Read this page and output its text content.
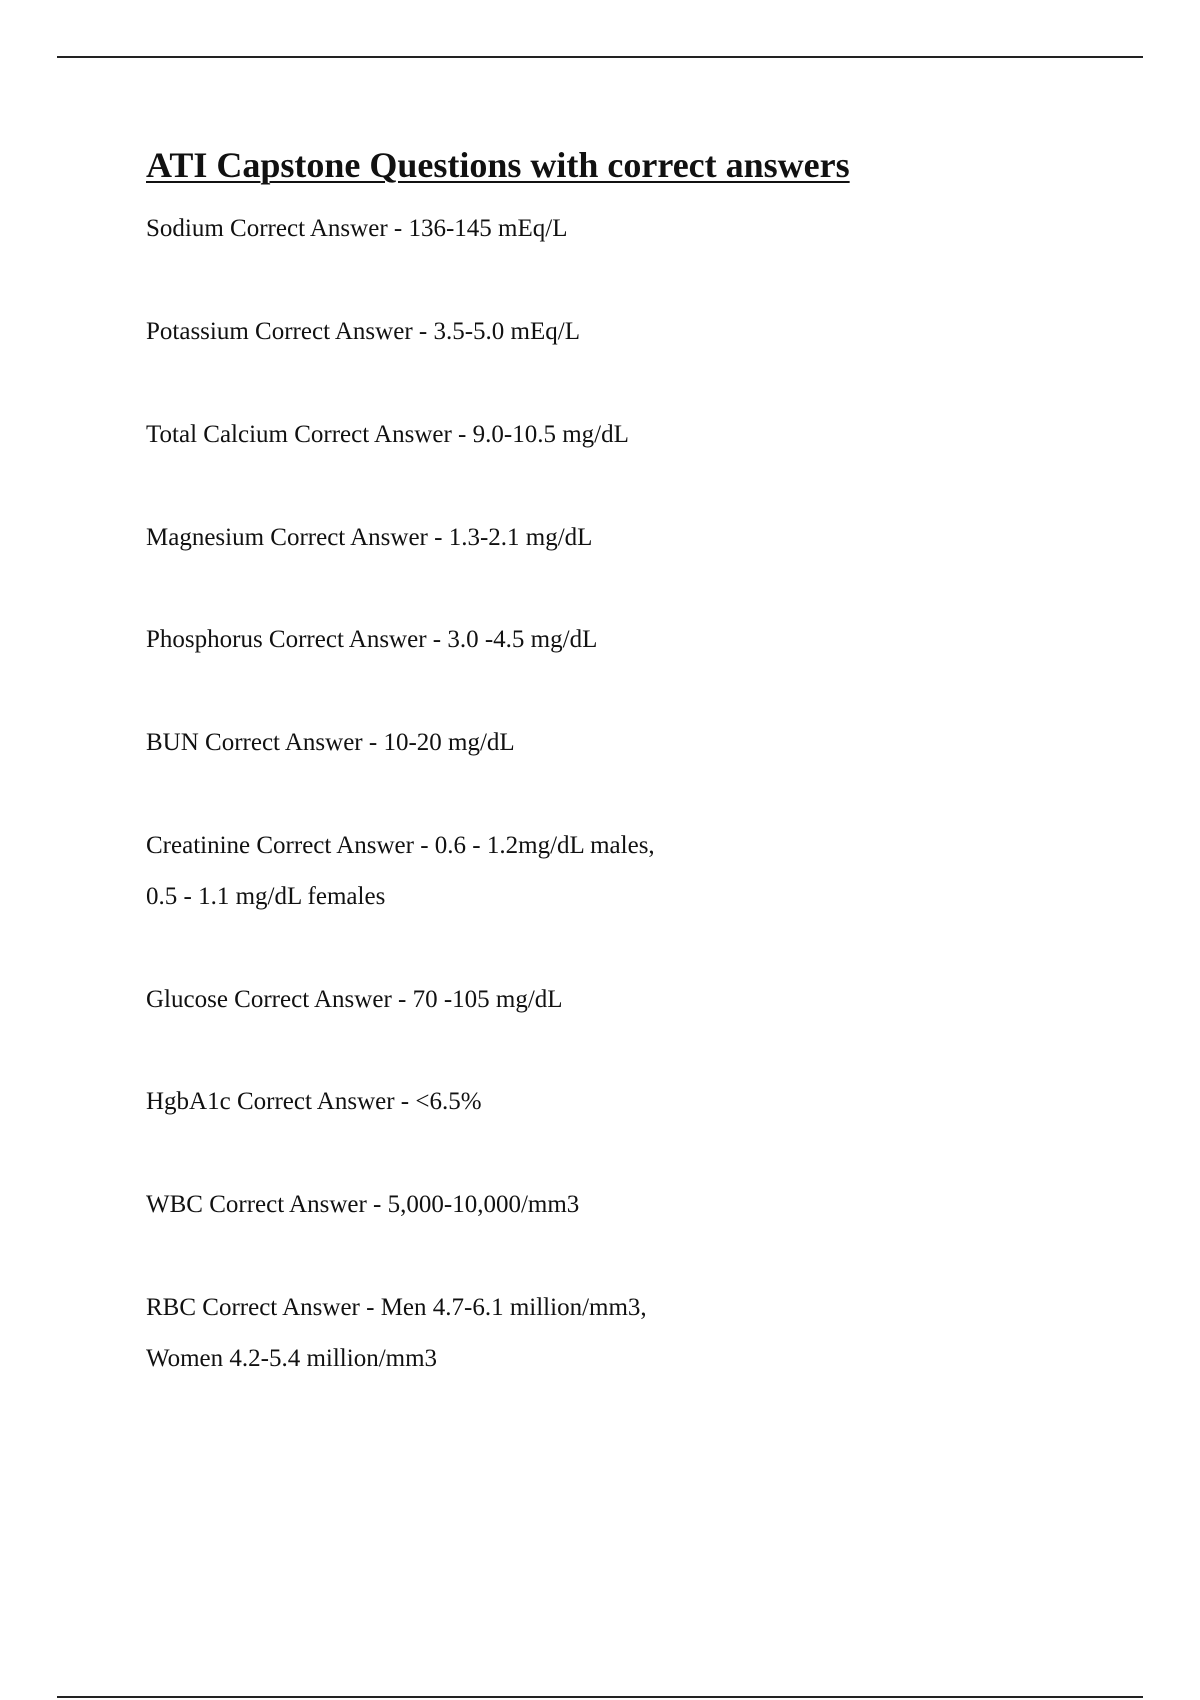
ATI Capstone Questions with correct answers

Sodium Correct Answer - 136-145 mEq/L

Potassium Correct Answer - 3.5-5.0 mEq/L

Total Calcium Correct Answer - 9.0-10.5 mg/dL

Magnesium Correct Answer - 1.3-2.1 mg/dL

Phosphorus Correct Answer - 3.0 -4.5 mg/dL

BUN Correct Answer - 10-20 mg/dL

Creatinine Correct Answer - 0.6 - 1.2mg/dL males,
0.5 - 1.1 mg/dL females

Glucose Correct Answer - 70 -105 mg/dL

HgbA1c Correct Answer - <6.5%

WBC Correct Answer - 5,000-10,000/mm3

RBC Correct Answer - Men 4.7-6.1 million/mm3,
Women 4.2-5.4 million/mm3
